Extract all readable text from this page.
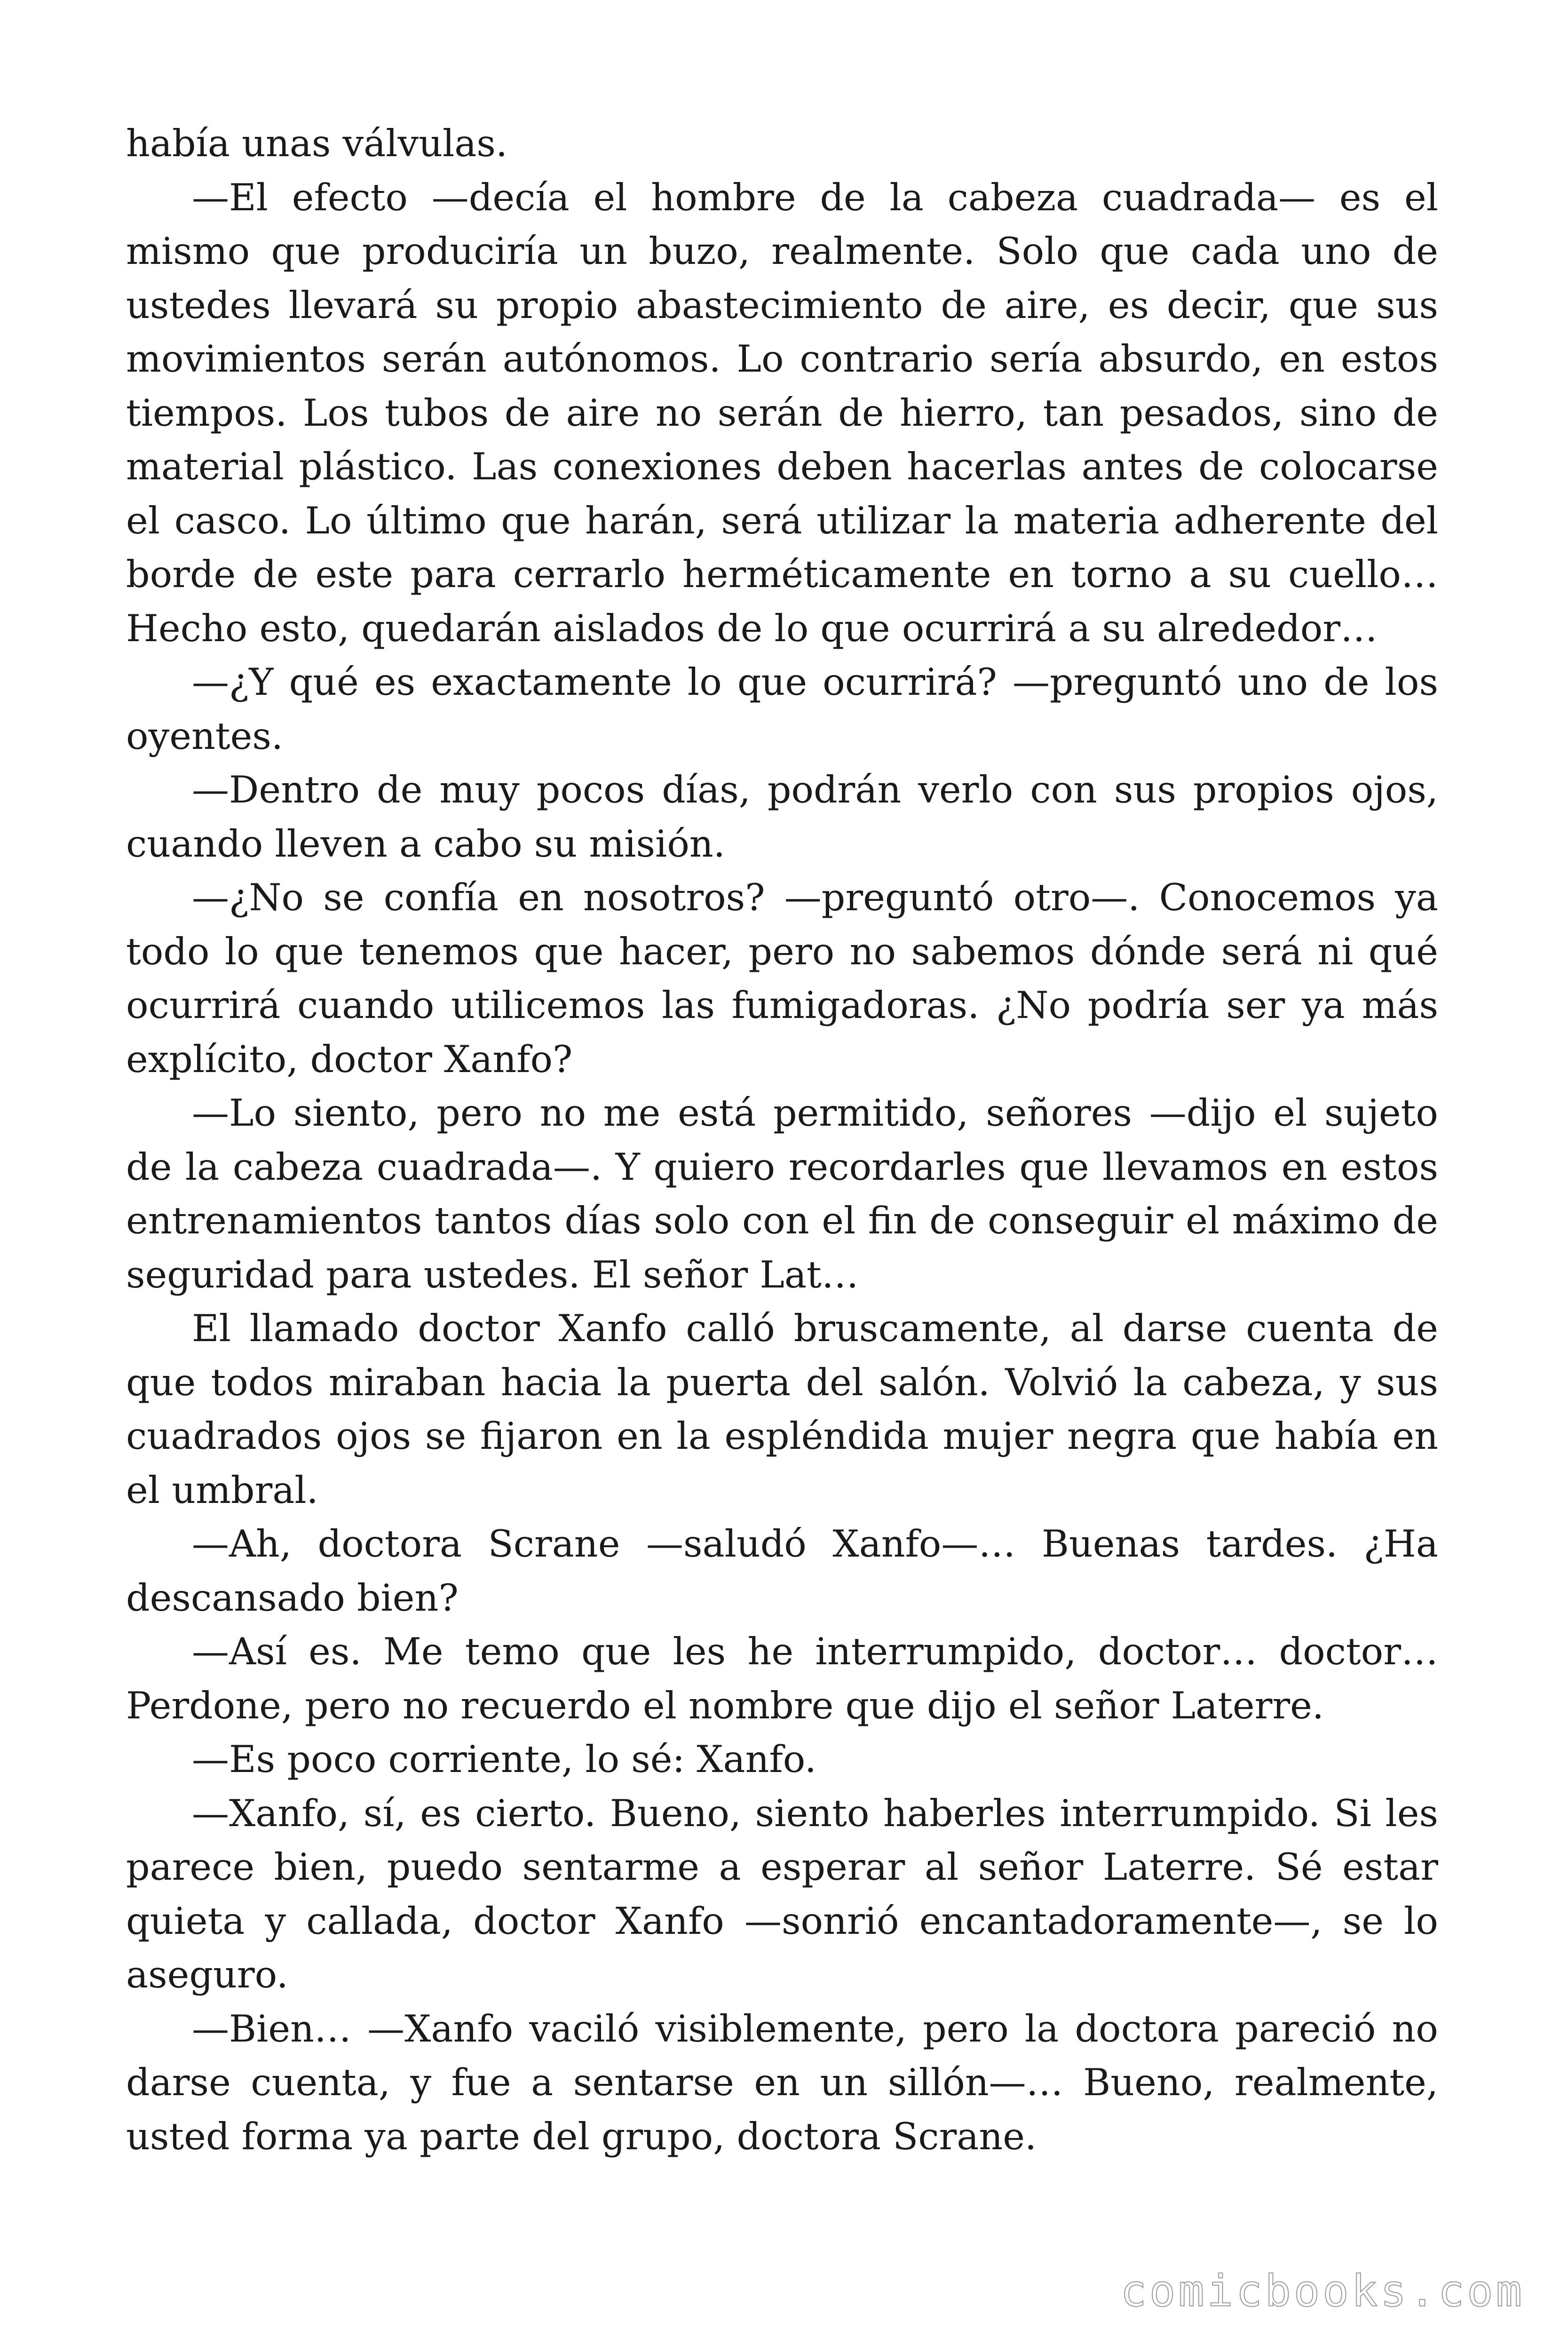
había unas válvulas.

—El efecto —decía el hombre de la cabeza cuadrada— es el mismo que produciría un buzo, realmente. Solo que cada uno de ustedes llevará su propio abastecimiento de aire, es decir, que sus movimientos serán autónomos. Lo contrario sería absurdo, en estos tiempos. Los tubos de aire no serán de hierro, tan pesados, sino de material plástico. Las conexiones deben hacerlas antes de colocarse el casco. Lo último que harán, será utilizar la materia adherente del borde de este para cerrarlo herméticamente en torno a su cuello… Hecho esto, quedarán aislados de lo que ocurrirá a su alrededor…

—¿Y qué es exactamente lo que ocurrirá? —preguntó uno de los oyentes.

—Dentro de muy pocos días, podrán verlo con sus propios ojos, cuando lleven a cabo su misión.

—¿No se confía en nosotros? —preguntó otro—. Conocemos ya todo lo que tenemos que hacer, pero no sabemos dónde será ni qué ocurrirá cuando utilicemos las fumigadoras. ¿No podría ser ya más explícito, doctor Xanfo?

—Lo siento, pero no me está permitido, señores —dijo el sujeto de la cabeza cuadrada—. Y quiero recordarles que llevamos en estos entrenamientos tantos días solo con el fin de conseguir el máximo de seguridad para ustedes. El señor Lat…

El llamado doctor Xanfo calló bruscamente, al darse cuenta de que todos miraban hacia la puerta del salón. Volvió la cabeza, y sus cuadrados ojos se fijaron en la espléndida mujer negra que había en el umbral.

—Ah, doctora Scrane —saludó Xanfo—… Buenas tardes. ¿Ha descansado bien?

—Así es. Me temo que les he interrumpido, doctor… doctor… Perdone, pero no recuerdo el nombre que dijo el señor Laterre.

—Es poco corriente, lo sé: Xanfo.

—Xanfo, sí, es cierto. Bueno, siento haberles interrumpido. Si les parece bien, puedo sentarme a esperar al señor Laterre. Sé estar quieta y callada, doctor Xanfo —sonrió encantadoramente—, se lo aseguro.

—Bien… —Xanfo vaciló visiblemente, pero la doctora pareció no darse cuenta, y fue a sentarse en un sillón—… Bueno, realmente, usted forma ya parte del grupo, doctora Scrane.

comicbooks.com
